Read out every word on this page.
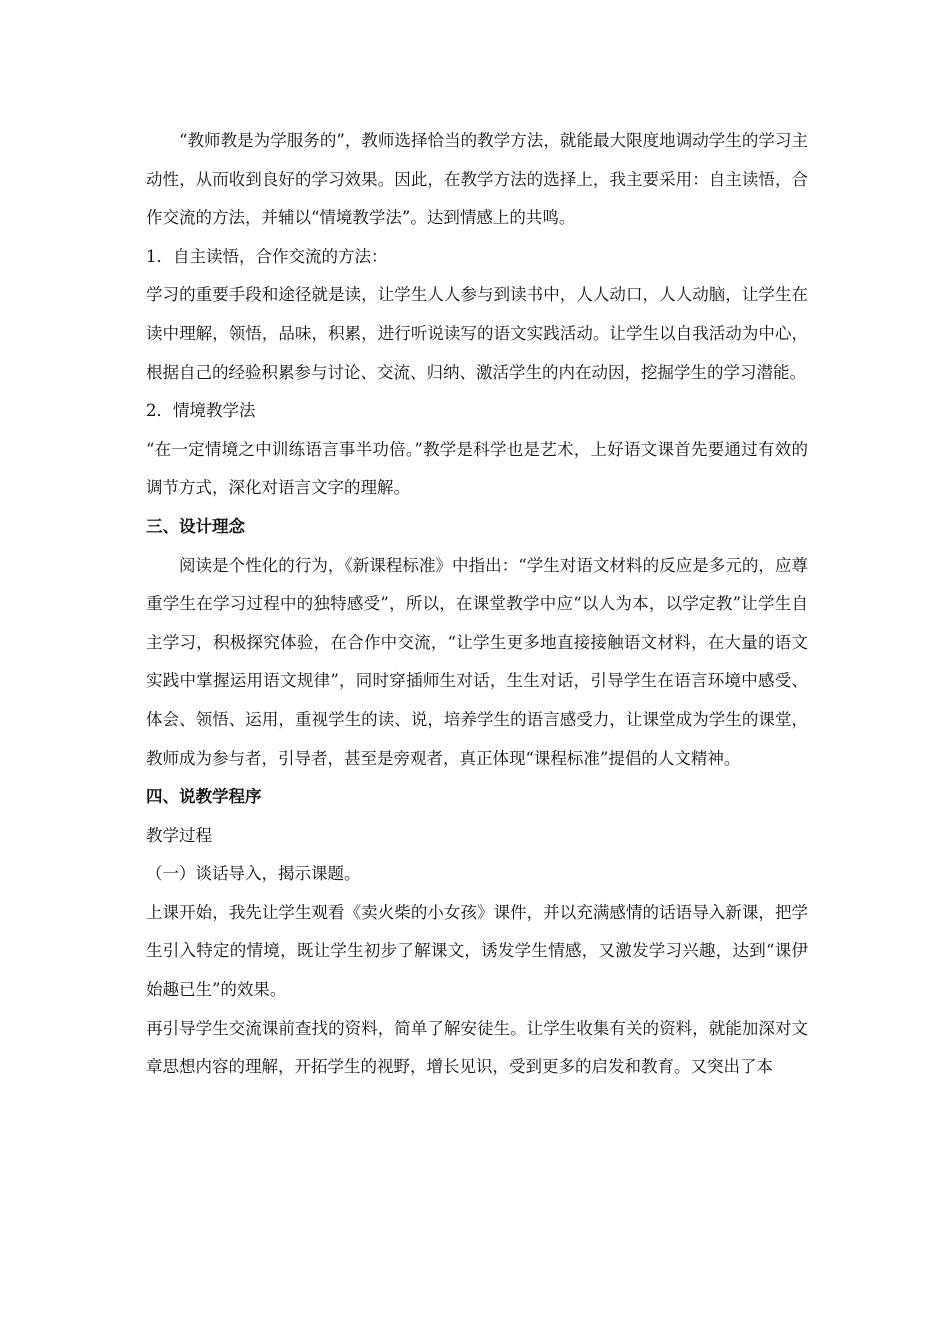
“教师教是为学服务的”，教师选择恰当的教学方法，就能最大限度地调动学生的学习主动性，从而收到良好的学习效果。因此，在教学方法的选择上，我主要采用：自主读悟，合作交流的方法，并辅以“情境教学法”。达到情感上的共鸣。

1．自主读悟，合作交流的方法：

学习的重要手段和途径就是读，让学生人人参与到读书中，人人动口，人人动脑，让学生在读中理解，领悟，品味，积累，进行听说读写的语文实践活动。让学生以自我活动为中心，根据自己的经验积累参与讨论、交流、归纳、激活学生的内在动因，挖掘学生的学习潜能。

2．情境教学法

“在一定情境之中训练语言事半功倍。”教学是科学也是艺术，上好语文课首先要通过有效的调节方式，深化对语言文字的理解。

三、设计理念

阅读是个性化的行为，《新课程标准》中指出：“学生对语文材料的反应是多元的，应尊重学生在学习过程中的独特感受”，所以，在课堂教学中应“以人为本，以学定教”让学生自主学习，积极探究体验，在合作中交流，“让学生更多地直接接触语文材料，在大量的语文实践中掌握运用语文规律”，同时穿插师生对话，生生对话，引导学生在语言环境中感受、体会、领悟、运用，重视学生的读、说，培养学生的语言感受力，让课堂成为学生的课堂，教师成为参与者，引导者，甚至是旁观者，真正体现“课程标准”提倡的人文精神。

四、说教学程序

教学过程

（一）谈话导入，揭示课题。

上课开始，我先让学生观看《卖火柴的小女孩》课件，并以充满感情的话语导入新课，把学生引入特定的情境，既让学生初步了解课文，诱发学生情感，又激发学习兴趣，达到“课伊始趣已生”的效果。

再引导学生交流课前查找的资料，简单了解安徒生。让学生收集有关的资料，就能加深对文章思想内容的理解，开拓学生的视野，增长见识，受到更多的启发和教育。又突出了本
